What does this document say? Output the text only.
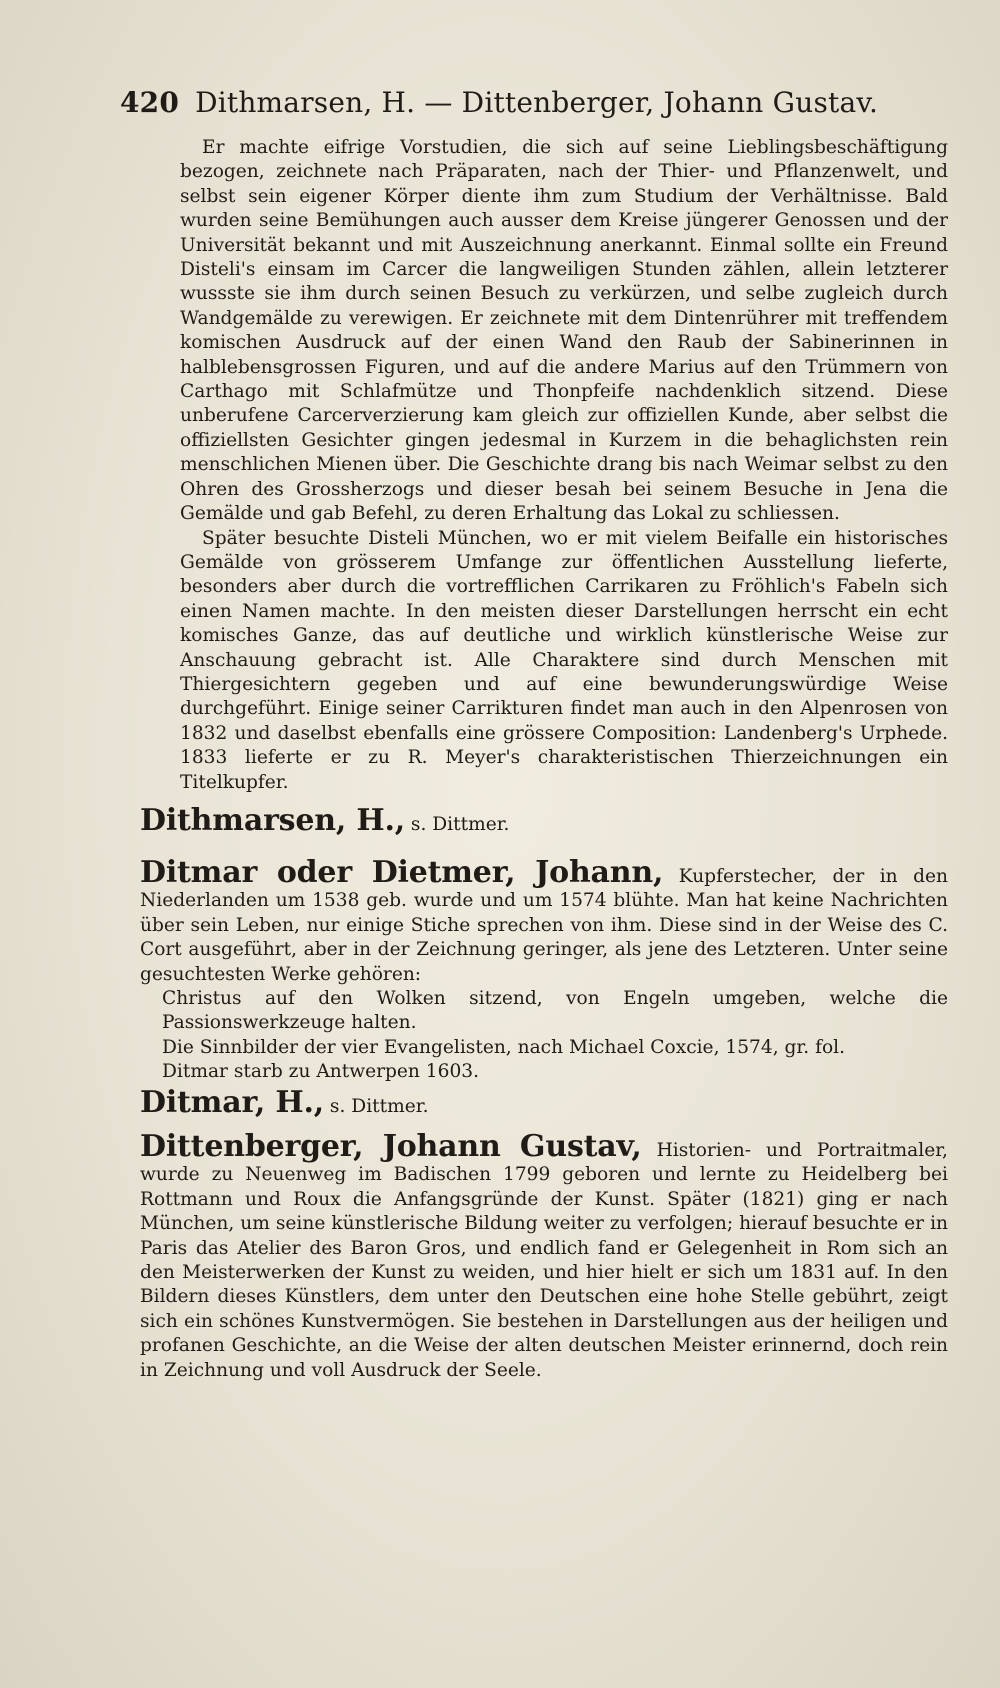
420 Dithmarsen, H. — Dittenberger, Johann Gustav.

Er machte eifrige Vorstudien, die sich auf seine Lieblingsbeschäftigung bezogen, zeichnete nach Präparaten, nach der Thier- und Pflanzenwelt, und selbst sein eigener Körper diente ihm zum Studium der Verhältnisse. Bald wurden seine Bemühungen auch ausser dem Kreise jüngerer Genossen und der Universität bekannt und mit Auszeichnung anerkannt. Einmal sollte ein Freund Disteli's einsam im Carcer die langweiligen Stunden zählen, allein letzterer wussste sie ihm durch seinen Besuch zu verkürzen, und selbe zugleich durch Wandgemälde zu verewigen. Er zeichnete mit dem Dintenrührer mit treffendem komischen Ausdruck auf der einen Wand den Raub der Sabinerinnen in halblebensgrossen Figuren, und auf die andere Marius auf den Trümmern von Carthago mit Schlafmütze und Thonpfeife nachdenklich sitzend. Diese unberufene Carcerverzierung kam gleich zur offiziellen Kunde, aber selbst die offiziellsten Gesichter gingen jedesmal in Kurzem in die behaglichsten rein menschlichen Mienen über. Die Geschichte drang bis nach Weimar selbst zu den Ohren des Grossherzogs und dieser besah bei seinem Besuche in Jena die Gemälde und gab Befehl, zu deren Erhaltung das Lokal zu schliessen.

Später besuchte Disteli München, wo er mit vielem Beifalle ein historisches Gemälde von grösserem Umfange zur öffentlichen Ausstellung lieferte, besonders aber durch die vortrefflichen Carrikaren zu Fröhlich's Fabeln sich einen Namen machte. In den meisten dieser Darstellungen herrscht ein echt komisches Ganze, das auf deutliche und wirklich künstlerische Weise zur Anschauung gebracht ist. Alle Charaktere sind durch Menschen mit Thiergesichtern gegeben und auf eine bewunderungswürdige Weise durchgeführt. Einige seiner Carrikturen findet man auch in den Alpenrosen von 1832 und daselbst ebenfalls eine grössere Composition: Landenberg's Urphede. 1833 lieferte er zu R. Meyer's charakteristischen Thierzeichnungen ein Titelkupfer.

Dithmarsen, H., s. Dittmer.

Ditmar oder Dietmer, Johann, Kupferstecher, der in den Niederlanden um 1538 geb. wurde und um 1574 blühte. Man hat keine Nachrichten über sein Leben, nur einige Stiche sprechen von ihm. Diese sind in der Weise des C. Cort ausgeführt, aber in der Zeichnung geringer, als jene des Letzteren. Unter seine gesuchtesten Werke gehören:

Christus auf den Wolken sitzend, von Engeln umgeben, welche die Passionswerkzeuge halten.

Die Sinnbilder der vier Evangelisten, nach Michael Coxcie, 1574, gr. fol.

Ditmar starb zu Antwerpen 1603.

Ditmar, H., s. Dittmer.

Dittenberger, Johann Gustav, Historien- und Portraitmaler, wurde zu Neuenweg im Badischen 1799 geboren und lernte zu Heidelberg bei Rottmann und Roux die Anfangsgründe der Kunst. Später (1821) ging er nach München, um seine künstlerische Bildung weiter zu verfolgen; hierauf besuchte er in Paris das Atelier des Baron Gros, und endlich fand er Gelegenheit in Rom sich an den Meisterwerken der Kunst zu weiden, und hier hielt er sich um 1831 auf. In den Bildern dieses Künstlers, dem unter den Deutschen eine hohe Stelle gebührt, zeigt sich ein schönes Kunstvermögen. Sie bestehen in Darstellungen aus der heiligen und profanen Geschichte, an die Weise der alten deutschen Meister erinnernd, doch rein in Zeichnung und voll Ausdruck der Seele.
